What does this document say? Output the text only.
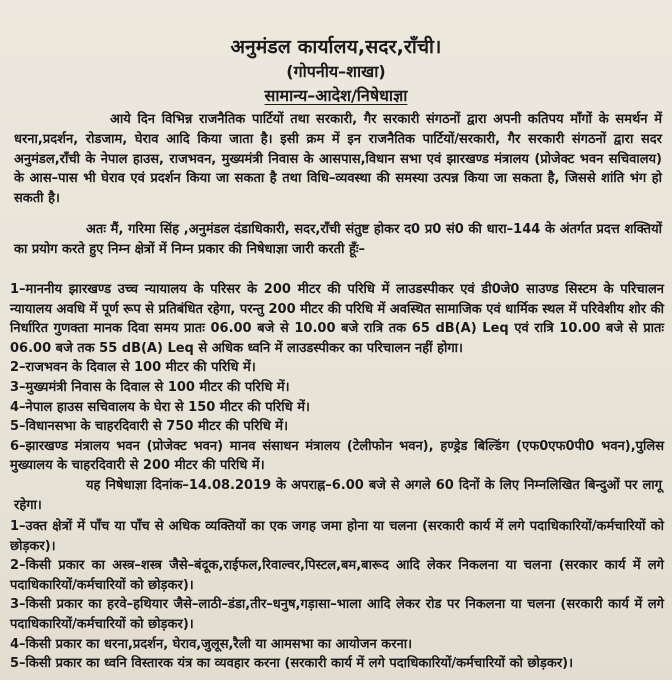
अनुमंडल कार्यालय,सदर,राँची।
(गोपनीय–शाखा)
सामान्य–आदेश/निषेधाज्ञा
आये दिन विभिन्न राजनैतिक पार्टियों तथा सरकारी, गैर सरकारी संगठनों द्वारा अपनी कतिपय माँगों के समर्थन में धरना,प्रदर्शन, रोडजाम, घेराव आदि किया जाता है। इसी क्रम में इन राजनैतिक पार्टियों/सरकारी, गैर सरकारी संगठनों द्वारा सदर अनुमंडल,राँची के नेपाल हाउस, राजभवन, मुख्यमंत्री निवास के आसपास,विधान सभा एवं झारखण्ड मंत्रालय (प्रोजेक्ट भवन सचिवालय) के आस–पास भी घेराव एवं प्रदर्शन किया जा सकता है तथा विधि–व्यवस्था की समस्या उत्पन्न किया जा सकता है, जिससे शांति भंग हो सकती है।
अतः मैं, गरिमा सिंह ,अनुमंडल दंडाधिकारी, सदर,राँची संतुष्ट होकर द0 प्र0 सं0 की धारा–144 के अंतर्गत प्रदत्त शक्तियों का प्रयोग करते हुए निम्न क्षेत्रों में निम्न प्रकार की निषेधाज्ञा जारी करती हूँः–
1–माननीय झारखण्ड उच्च न्यायालय के परिसर के 200 मीटर की परिधि में लाउडस्पीकर एवं डी0जे0 साउण्ड सिस्टम के परिचालन न्यायालय अवधि में पूर्ण रूप से प्रतिबंधित रहेगा, परन्तु 200 मीटर की परिधि में अवस्थित सामाजिक एवं धार्मिक स्थल में परिवेशीय शोर की निर्धारित गुणक्ता मानक दिवा समय प्रातः 06.00 बजे से 10.00 बजे रात्रि तक 65 dB(A) Leq एवं रात्रि 10.00 बजे से प्रातः 06.00 बजे तक 55 dB(A) Leq से अधिक ध्वनि में लाउडस्पीकर का परिचालन नहीं होगा।
2–राजभवन के दिवाल से 100 मीटर की परिधि में।
3–मुख्यमंत्री निवास के दिवाल से 100 मीटर की परिधि में।
4–नेपाल हाउस सचिवालय के घेरा से 150 मीटर की परिधि में।
5–विधानसभा के चाहरदिवारी से 750 मीटर की परिधि में।
6–झारखण्ड मंत्रालय भवन (प्रोजेक्ट भवन) मानव संसाधन मंत्रालय (टेलीफोन भवन), हण्ड्रेड बिल्डिंग (एफ0एफ0पी0 भवन),पुलिस मुख्यालय के चाहरदिवारी से 200 मीटर की परिधि में।
यह निषेधाज्ञा दिनांक–14.08.2019 के अपराह्न–6.00 बजे से अगले 60 दिनों के लिए निम्नलिखित बिन्दुओं पर लागू रहेगा।
1–उक्त क्षेत्रों में पाँच या पाँच से अधिक व्यक्तियों का एक जगह जमा होना या चलना (सरकारी कार्य में लगे पदाधिकारियों/कर्मचारियों को छोड़कर)।
2–किसी प्रकार का अस्त्र–शस्त्र जैसे–बंदूक,राईफल,रिवाल्वर,पिस्टल,बम,बारूद आदि लेकर निकलना या चलना (सरकार कार्य में लगे पदाधिकारियों/कर्मचारियों को छोड़कर)।
3–किसी प्रकार का हरवे–हथियार जैसे–लाठी–डंडा,तीर–धनुष,गड़ासा–भाला आदि लेकर रोड पर निकलना या चलना (सरकारी कार्य में लगे पदाधिकारियों/कर्मचारियों को छोड़कर)।
4–किसी प्रकार का धरना,प्रदर्शन, घेराव,जुलूस,रैली या आमसभा का आयोजन करना।
5–किसी प्रकार का ध्वनि विस्तारक यंत्र का व्यवहार करना (सरकारी कार्य में लगे पदाधिकारियों/कर्मचारियों को छोड़कर)।
